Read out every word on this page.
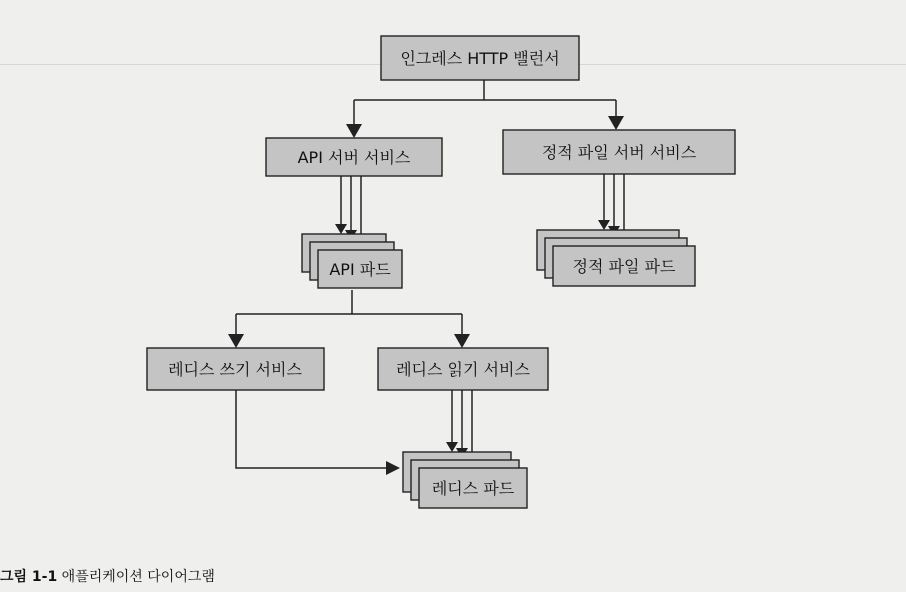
인그레스 HTTP 밸런서
API 서버 서비스	정적 파일 서버 서비스
API 파드	정적 파일 파드
레디스 쓰기 서비스	레디스 읽기 서비스
레디스 파드
그림 1-1 애플리케이션 다이어그램
